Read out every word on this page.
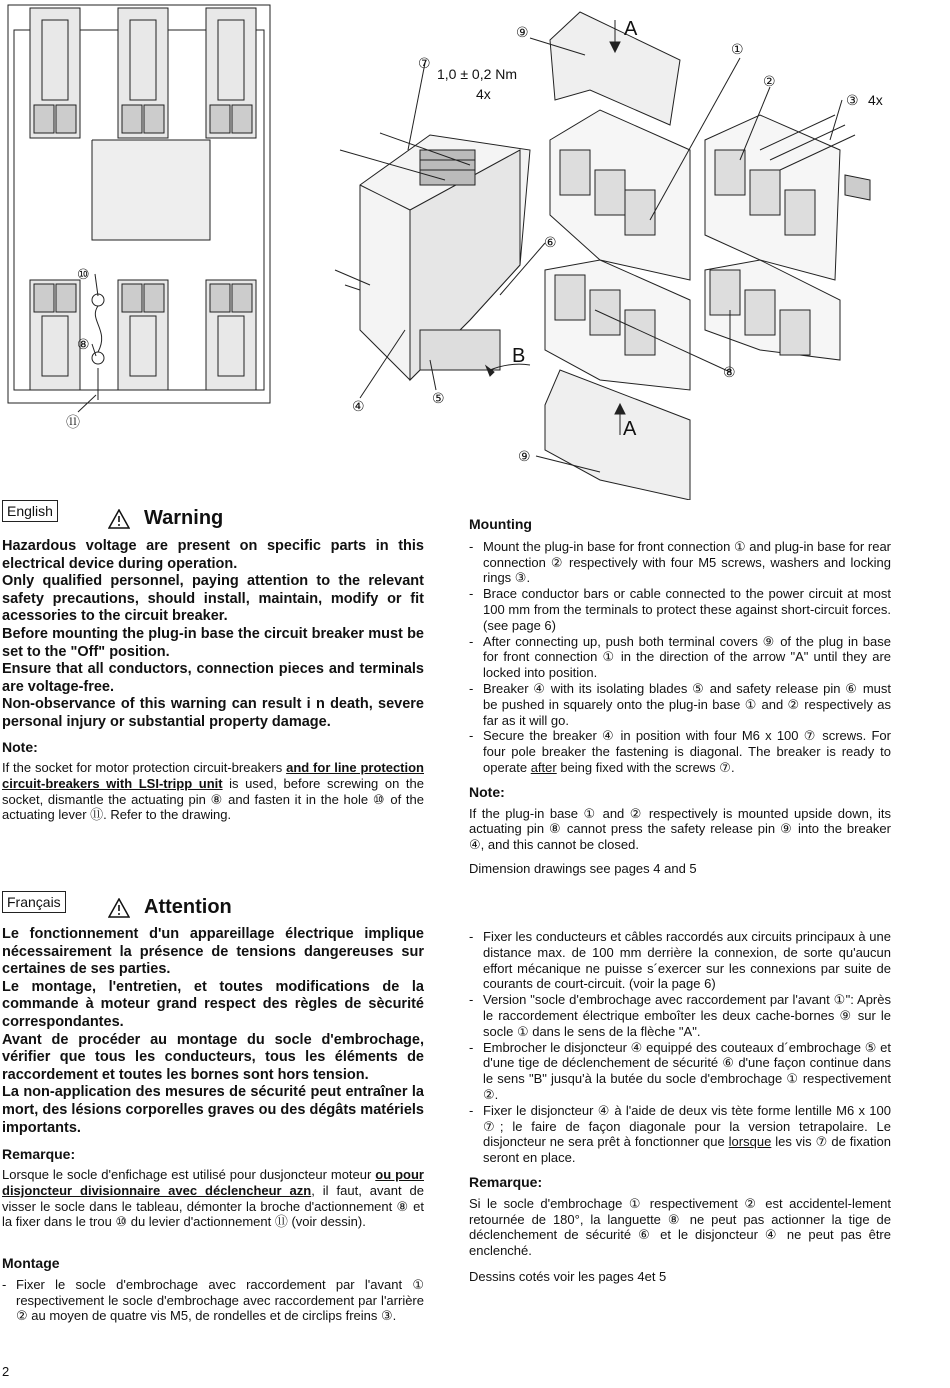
1,0 ± 0,2 Nm
4x	4x
A
A
B
①
②
③
④	⑤
⑥
⑦
⑧
⑧
⑨
⑨
⑩
⑪
English	Warning

Hazardous voltage are present on specific parts in this electrical device during operation.

Only qualified personnel, paying attention to the relevant safety precautions, should install, maintain, modify or fit acessories to the circuit breaker.

Before mounting the plug-in base the circuit breaker must be set to the "Off" position.

Ensure that all conductors, connection pieces and terminals are voltage-free.

Non-observance of this warning can result i n death, severe personal injury or substantial property damage.

Note:

If the socket for motor protection circuit-breakers and for line protection circuit-breakers with LSI-tripp unit is used, before screwing on the socket, dismantle the actuating pin ⑧ and fasten it in the hole ⑩ of the actuating lever ⑪. Refer to the drawing.

Mounting
- Mount the plug-in base for front connection ① and plug-in base for rear connection ② respectively with four M5 screws, washers and locking rings ③.
- Brace conductor bars or cable connected to the power circuit at most 100 mm from the terminals to protect these against short-circuit forces. (see page 6)
- After connecting up, push both terminal covers ⑨ of the plug in base for front connection ① in the direction of the arrow "A" until they are locked into position.
- Breaker ④ with its isolating blades ⑤ and safety release pin ⑥ must be pushed in squarely onto the plug-in base ① and ② respectively as far as it will go.
- Secure the breaker ④ in position with four M6 x 100 ⑦ screws. For four pole breaker the fastening is diagonal. The breaker is ready to operate after being fixed with the screws ⑦.
Note:

If the plug-in base ① and ② respectively is mounted upside down, its actuating pin ⑧ cannot press the safety release pin ⑨ into the breaker ④, and this cannot be closed.

Dimension drawings see pages 4 and 5

Français	Attention

Le fonctionnement d'un appareillage électrique implique nécessairement la présence de tensions dangereuses sur certaines de ses parties.

Le montage, l'entretien, et toutes modifications de la commande à moteur grand respect des règles de sècurité correspondantes.

Avant de procéder au montage du socle d'embrochage, vérifier que tous les conducteurs, tous les éléments de raccordement et toutes les bornes sont hors tension.

La non-application des mesures de sécurité peut entraîner la mort, des lésions corporelles graves ou des dégâts matériels importants.

Remarque:

Lorsque le socle d'enfichage est utilisé pour dusjoncteur moteur ou pour disjoncteur divisionnaire avec déclencheur azn, il faut, avant de visser le socle dans le tableau, démonter la broche d'actionnement ⑧ et la fixer dans le trou ⑩ du levier d'actionnement ⑪ (voir dessin).

Montage
- Fixer le socle d'embrochage avec raccordement par l'avant ① respectivement le socle d'embrochage avec raccordement par l'arrière ② au moyen de quatre vis M5, de rondelles et de circlips freins ③.
- Fixer les conducteurs et câbles raccordés aux circuits principaux à une distance max. de 100 mm derrière la connexion, de sorte qu'aucun effort mécanique ne puisse s´exercer sur les connexions par suite de courants de court-circuit. (voir la page 6)
- Version "socle d'embrochage avec raccordement par l'avant ①": Après le raccordement électrique emboîter les deux cache-bornes ⑨ sur le socle ① dans le sens de la flèche "A".
- Embrocher le disjoncteur ④ equippé des couteaux d´embrochage ⑤ et d'une tige de déclenchement de sécurité ⑥ d'une façon continue dans le sens "B" jusqu'à la butée du socle d'embrochage ① respectivement ②.
- Fixer le disjoncteur ④ à l'aide de deux vis tète forme lentille M6 x 100 ⑦; le faire de façon diagonale pour la version tetrapolaire. Le disjoncteur ne sera prêt à fonctionner que lorsque les vis ⑦ de fixation seront en place.
Remarque:

Si le socle d'embrochage ① respectivement ② est accidentel-lement retournée de 180°, la languette ⑧ ne peut pas actionner la tige de déclenchement de sécurité ⑥ et le disjoncteur ④ ne peut pas être enclenché.

Dessins cotés voir les pages 4et 5

2
